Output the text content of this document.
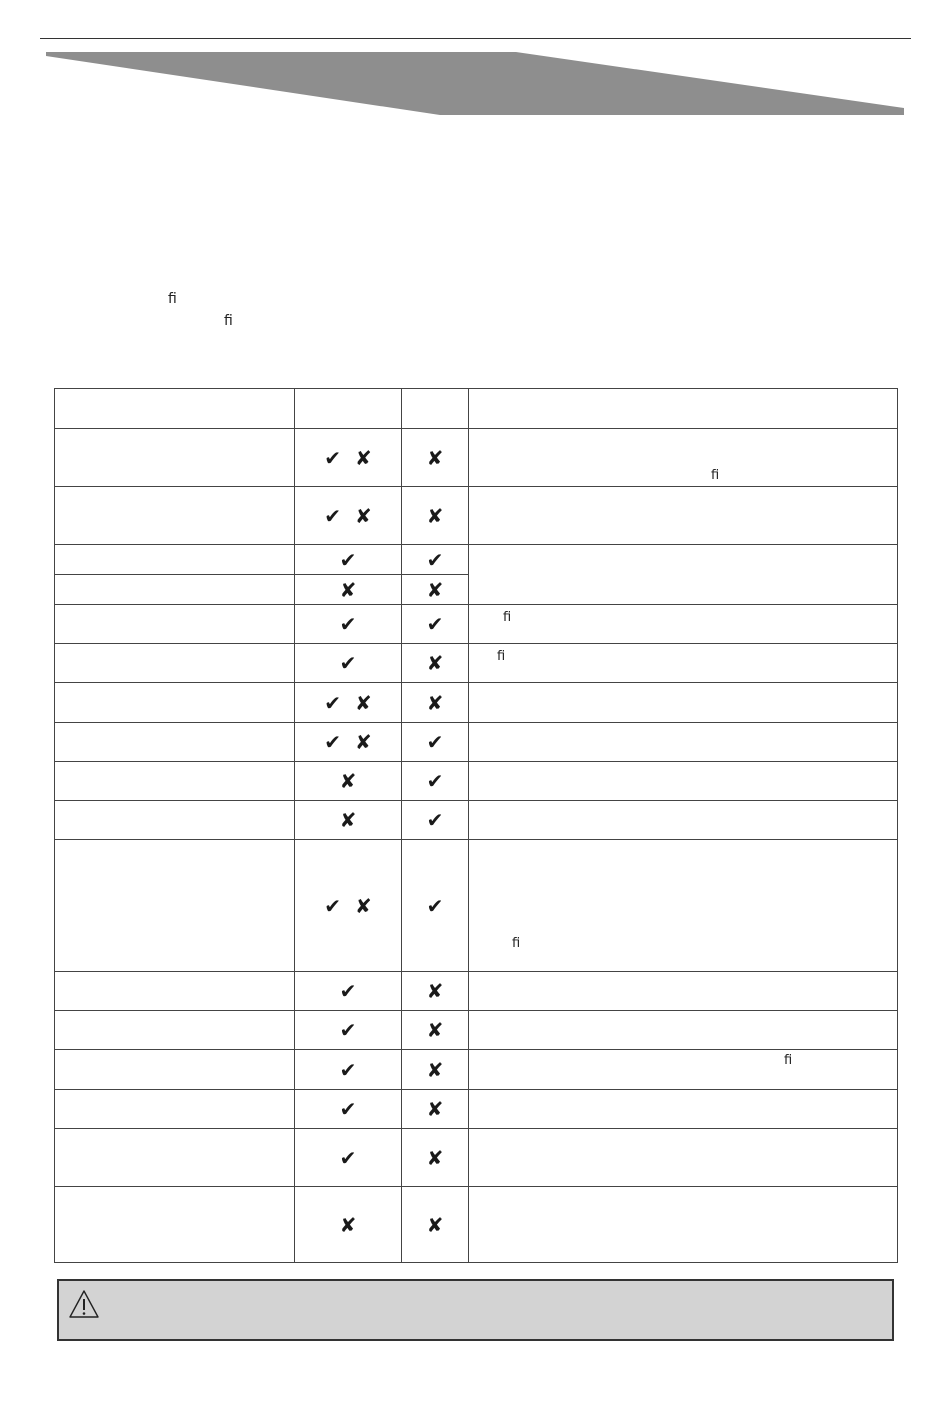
ﬁ
ﬁ

	✔ ✘	✘	ﬁ

	✔ ✘	✘	
	✔	✔	
	✘	✘	
	✔	✔	ﬁ

	✔	✘	ﬁ

	✔ ✘	✘	
	✔ ✘	✔	
	✘	✔	
	✘	✔	
	✔ ✘	✔	ﬁ

	✔	✘	
	✔	✘	
	✔	✘	ﬁ

	✔	✘	
	✔	✘	
	✘	✘	
